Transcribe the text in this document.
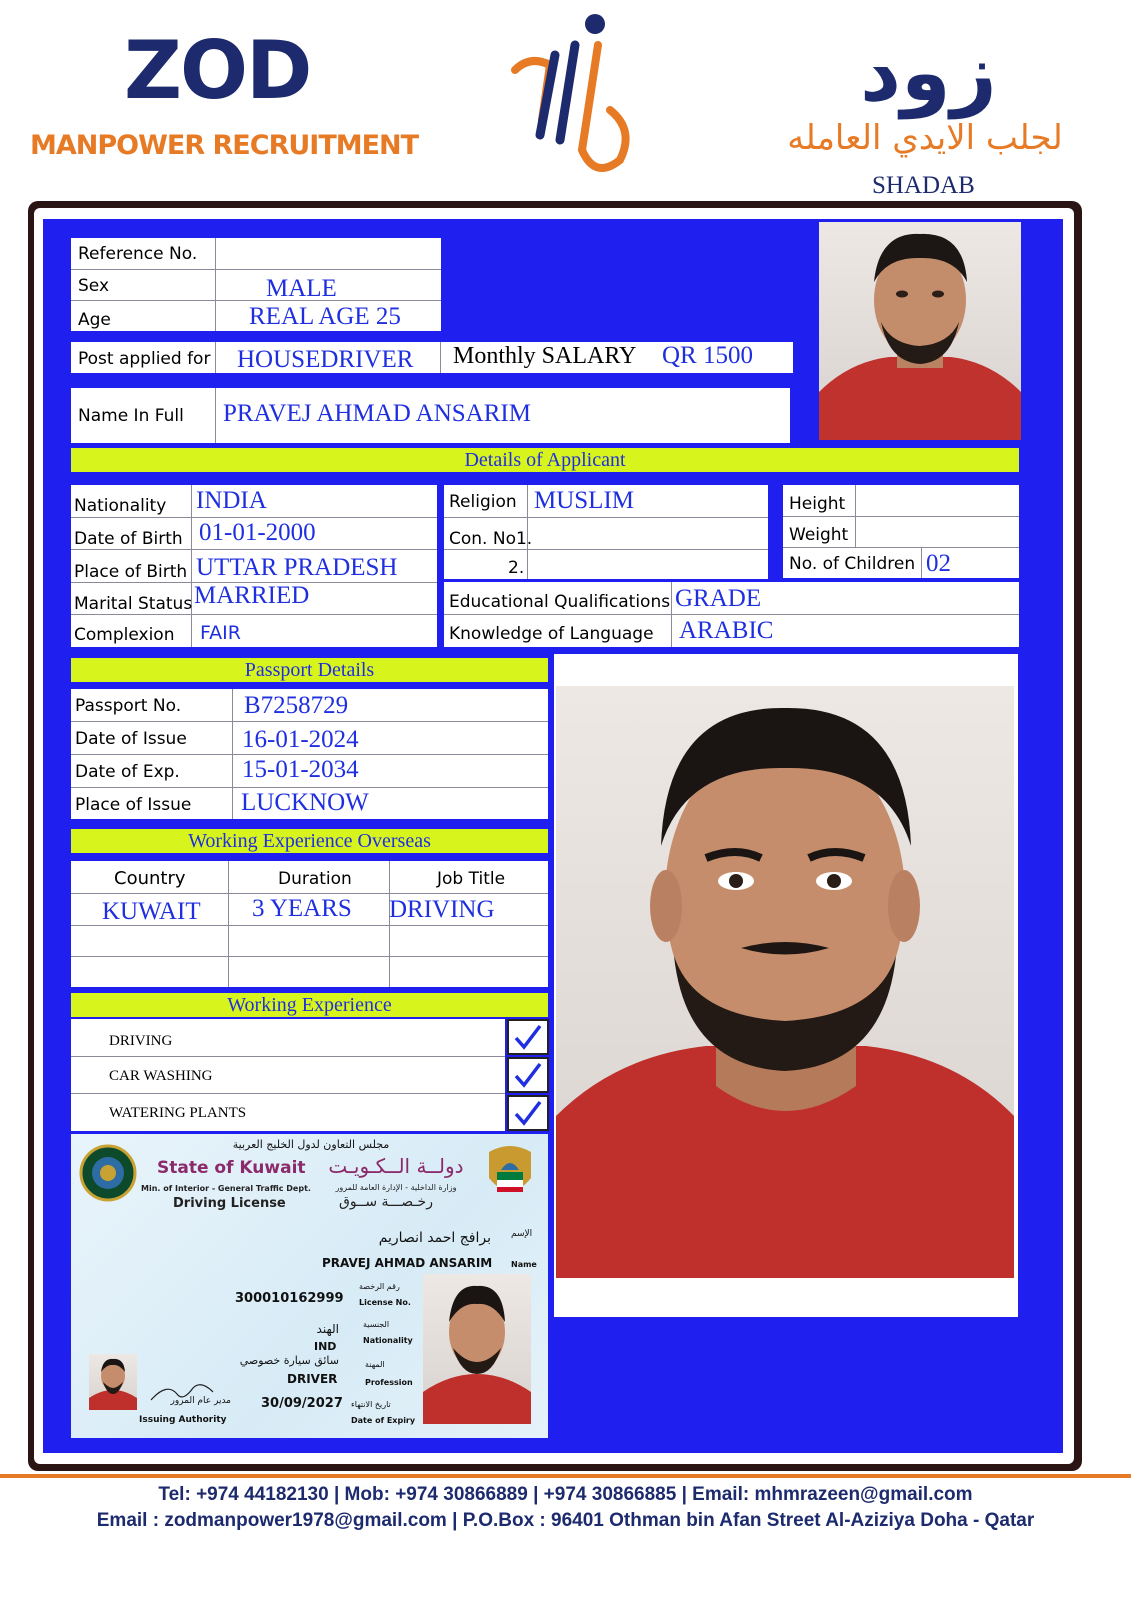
ZOD
MANPOWER RECRUITMENT
زود
لجلب الايدي العامله
SHADAB
Reference No.
Sex	MALE
Age	REAL AGE 25
Post applied for HOUSEDRIVER Monthly SALARY QR 1500
Name In Full PRAVEJ AHMAD ANSARIM
Details of Applicant
Nationality INDIA
Date of Birth 01-01-2000
Place of Birth UTTAR PRADESH
Marital Status MARRIED
Complexion FAIR
Religion MUSLIM
Con. No1.
2.
Height
Weight
No. of Children 02
Educational Qualifications GRADE
Knowledge of Language ARABIC
Passport Details
Passport No.	B7258729
Date of Issue 16-01-2024
Date of Exp. 15-01-2034
Place of Issue LUCKNOW
Working Experience Overseas
Country	Duration	Job Title
KUWAIT 3 YEARS DRIVING
Working Experience
DRIVING
CAR WASHING
WATERING PLANTS
مجلس التعاون لدول الخليج العربية
State of Kuwait	دولــة الــكـويـت
Min. of Interior - General Traffic Dept.	وزارة الداخلية - الإدارة العامة للمرور
Driving License	رخـصـــة ســوق
برافج احمد انصاريم الإسم
PRAVEJ AHMAD ANSARIM Name
300010162999
رقم الرخصة
License No.
الهند
IND
الجنسية
Nationality
سائق سيارة خصوصي
DRIVER
المهنة
Profession
30/09/2027 تاريخ الانتهاء
Date of Expiry
مدير عام المرور
Issuing Authority
Tel: +974 44182130 | Mob: +974 30866889 | +974 30866885 | Email: mhmrazeen@gmail.com
Email : zodmanpower1978@gmail.com | P.O.Box : 96401 Othman bin Afan Street Al-Aziziya Doha - Qatar
